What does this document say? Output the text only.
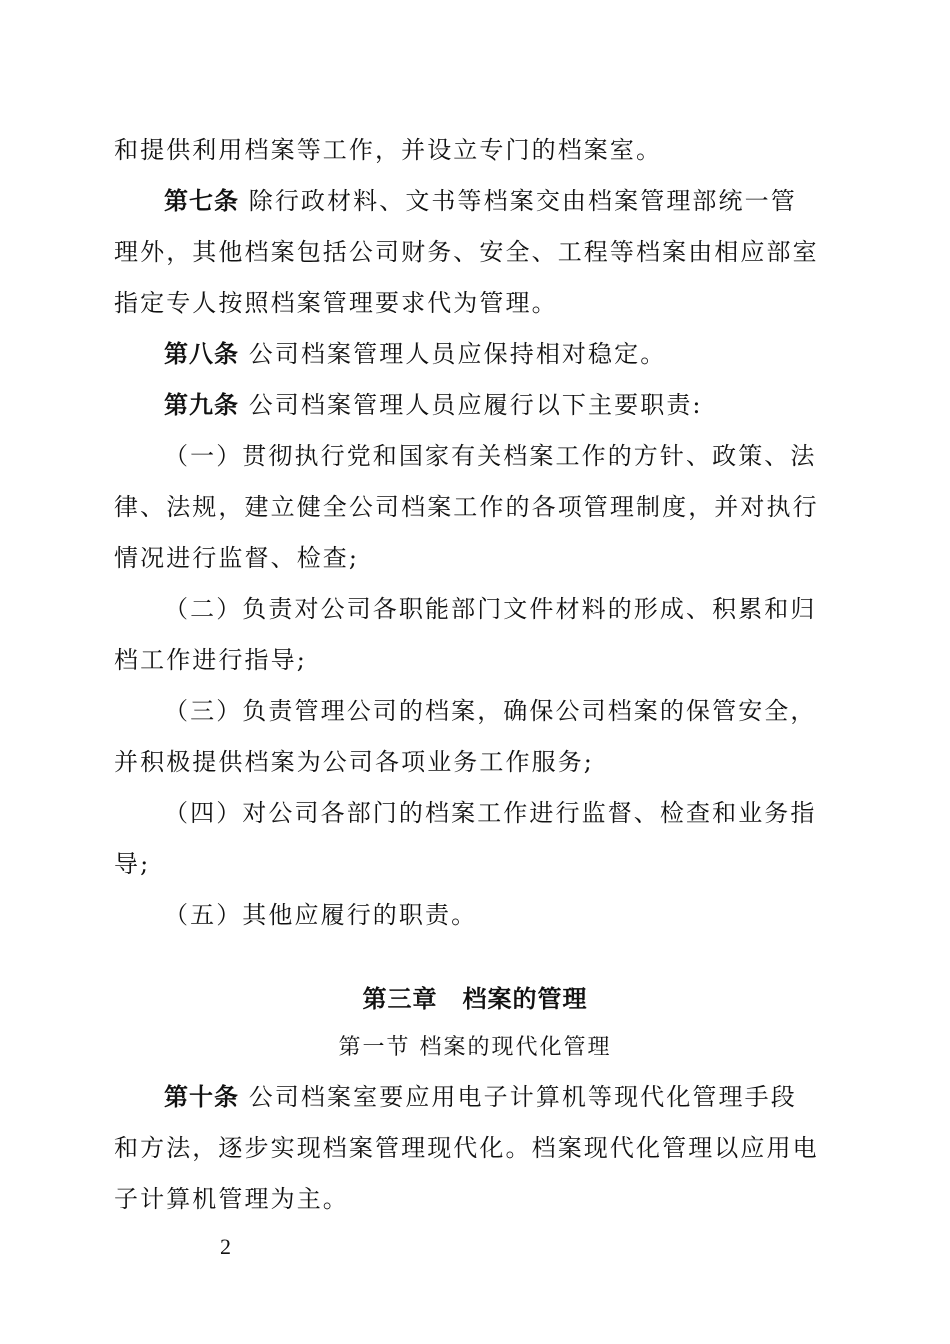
和提供利用档案等工作，并设立专门的档案室。
第七条 除行政材料、文书等档案交由档案管理部统一管
理外，其他档案包括公司财务、安全、工程等档案由相应部室
指定专人按照档案管理要求代为管理。
第八条 公司档案管理人员应保持相对稳定。
第九条 公司档案管理人员应履行以下主要职责:
（一）贯彻执行党和国家有关档案工作的方针、政策、法
律、法规，建立健全公司档案工作的各项管理制度，并对执行
情况进行监督、检查;
（二）负责对公司各职能部门文件材料的形成、积累和归
档工作进行指导;
（三）负责管理公司的档案，确保公司档案的保管安全，
并积极提供档案为公司各项业务工作服务;
（四）对公司各部门的档案工作进行监督、检查和业务指
导;
（五）其他应履行的职责。
第三章　档案的管理
第一节 档案的现代化管理
第十条 公司档案室要应用电子计算机等现代化管理手段
和方法，逐步实现档案管理现代化。档案现代化管理以应用电
子计算机管理为主。
2
